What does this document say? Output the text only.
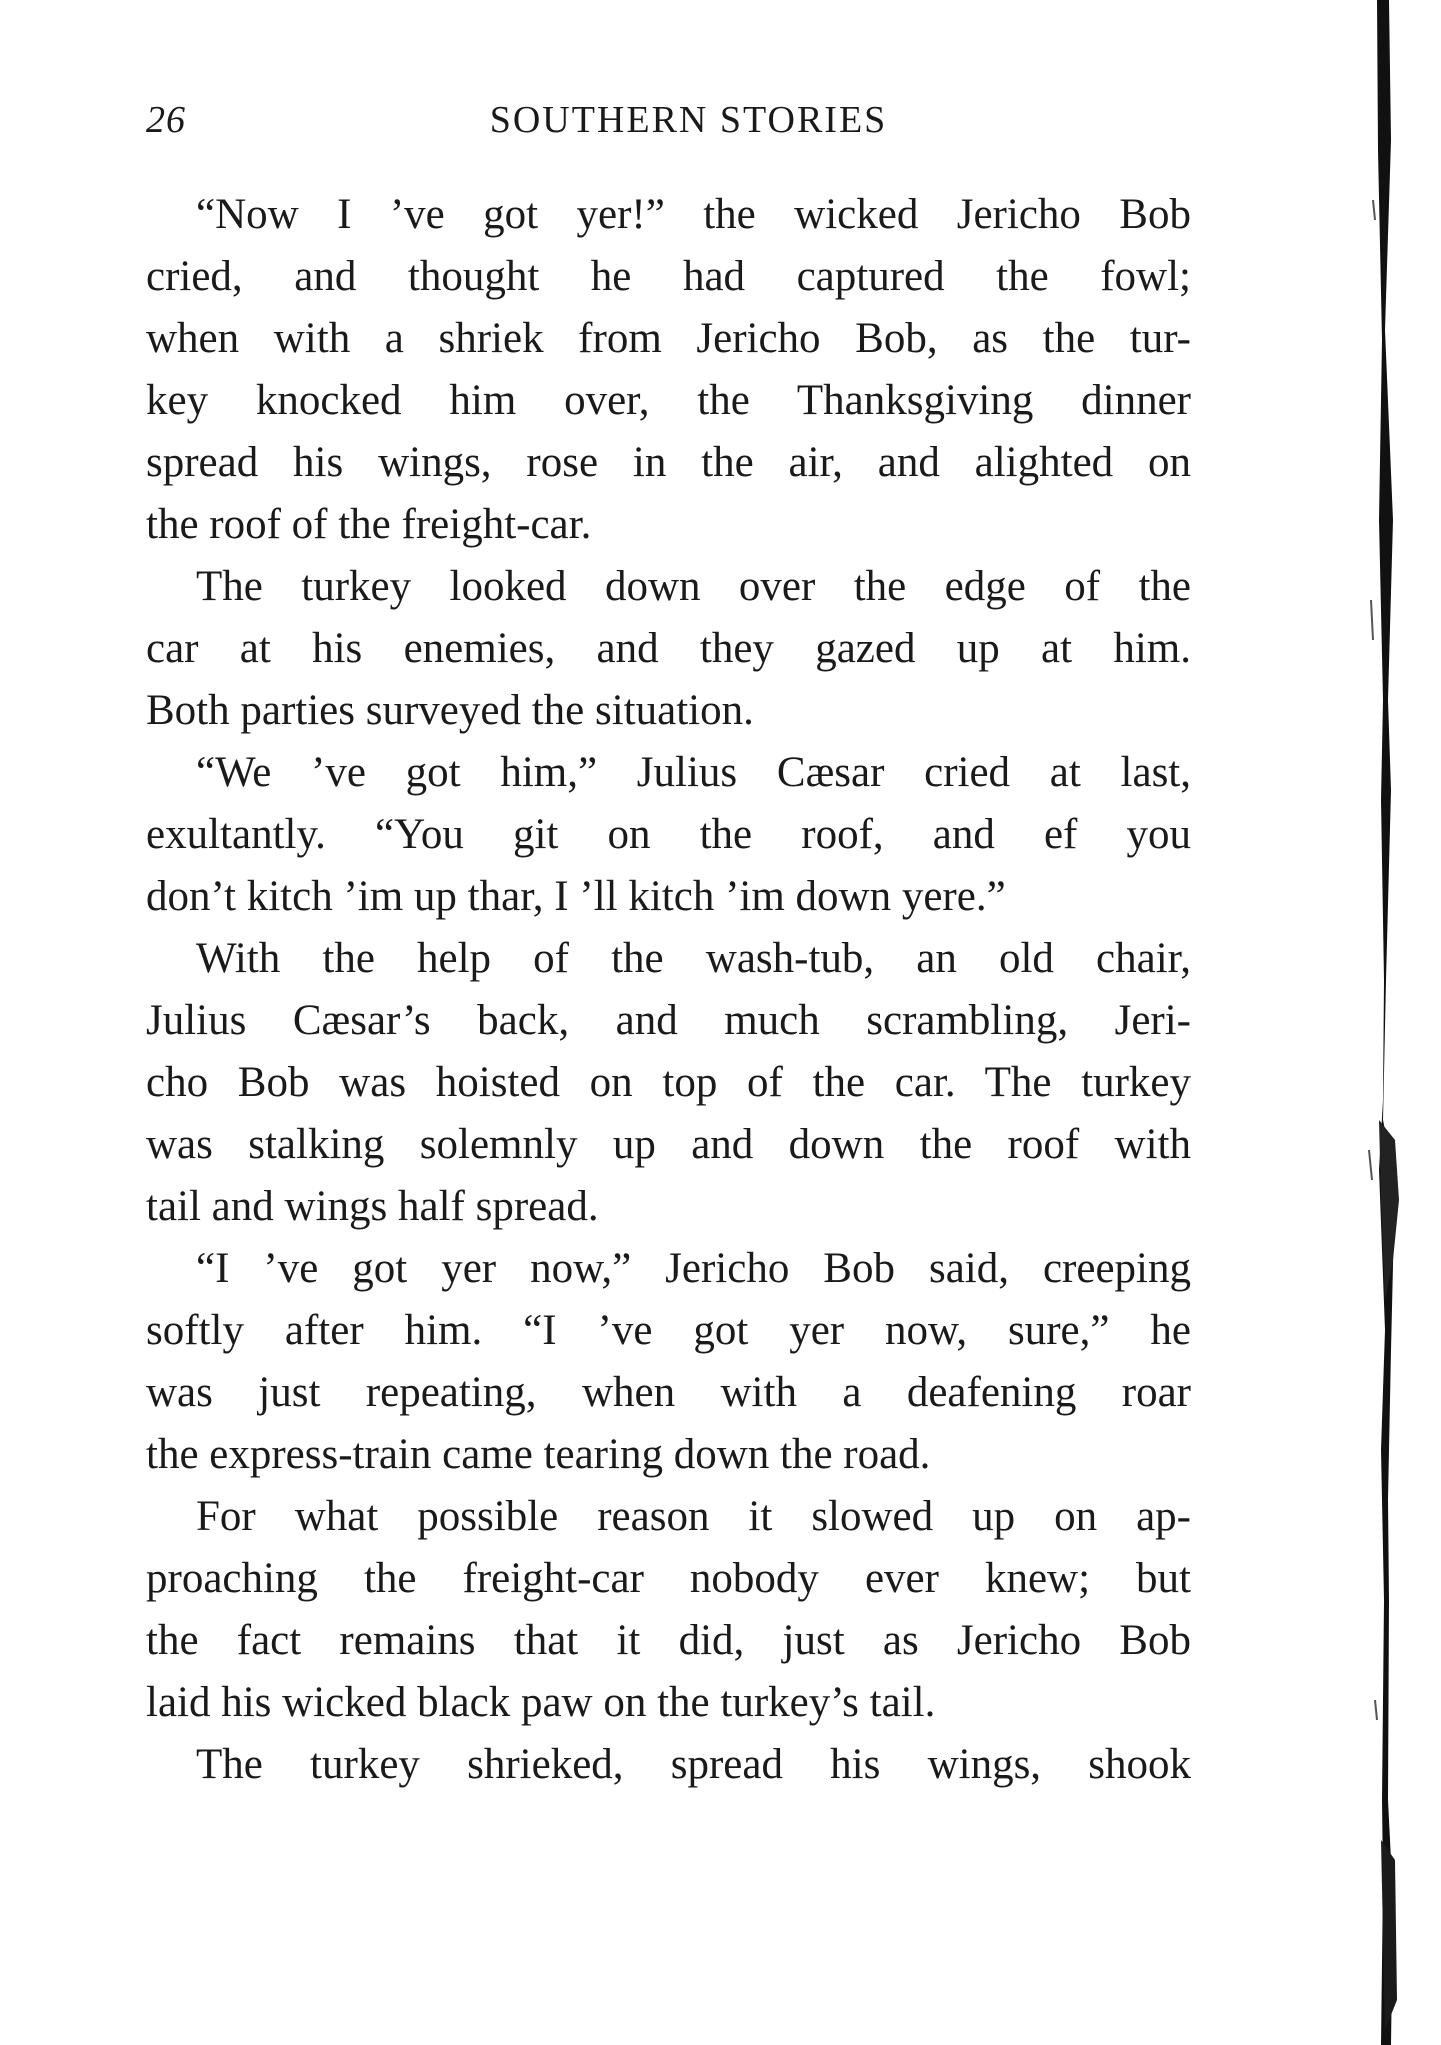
26	SOUTHERN STORIES

“Now I ’ve got yer!” the wicked Jericho Bob
cried, and thought he had captured the fowl;
when with a shriek from Jericho Bob, as the tur-
key knocked him over, the Thanksgiving dinner
spread his wings, rose in the air, and alighted on
the roof of the freight-car.

The turkey looked down over the edge of the
car at his enemies, and they gazed up at him.
Both parties surveyed the situation.

“We ’ve got him,” Julius Cæsar cried at last,
exultantly. “You git on the roof, and ef you
don’t kitch ’im up thar, I ’ll kitch ’im down yere.”

With the help of the wash-tub, an old chair,
Julius Cæsar’s back, and much scrambling, Jeri-
cho Bob was hoisted on top of the car. The turkey
was stalking solemnly up and down the roof with
tail and wings half spread.

“I ’ve got yer now,” Jericho Bob said, creeping
softly after him. “I ’ve got yer now, sure,” he
was just repeating, when with a deafening roar
the express-train came tearing down the road.

For what possible reason it slowed up on ap-
proaching the freight-car nobody ever knew; but
the fact remains that it did, just as Jericho Bob
laid his wicked black paw on the turkey’s tail.

The turkey shrieked, spread his wings, shook
